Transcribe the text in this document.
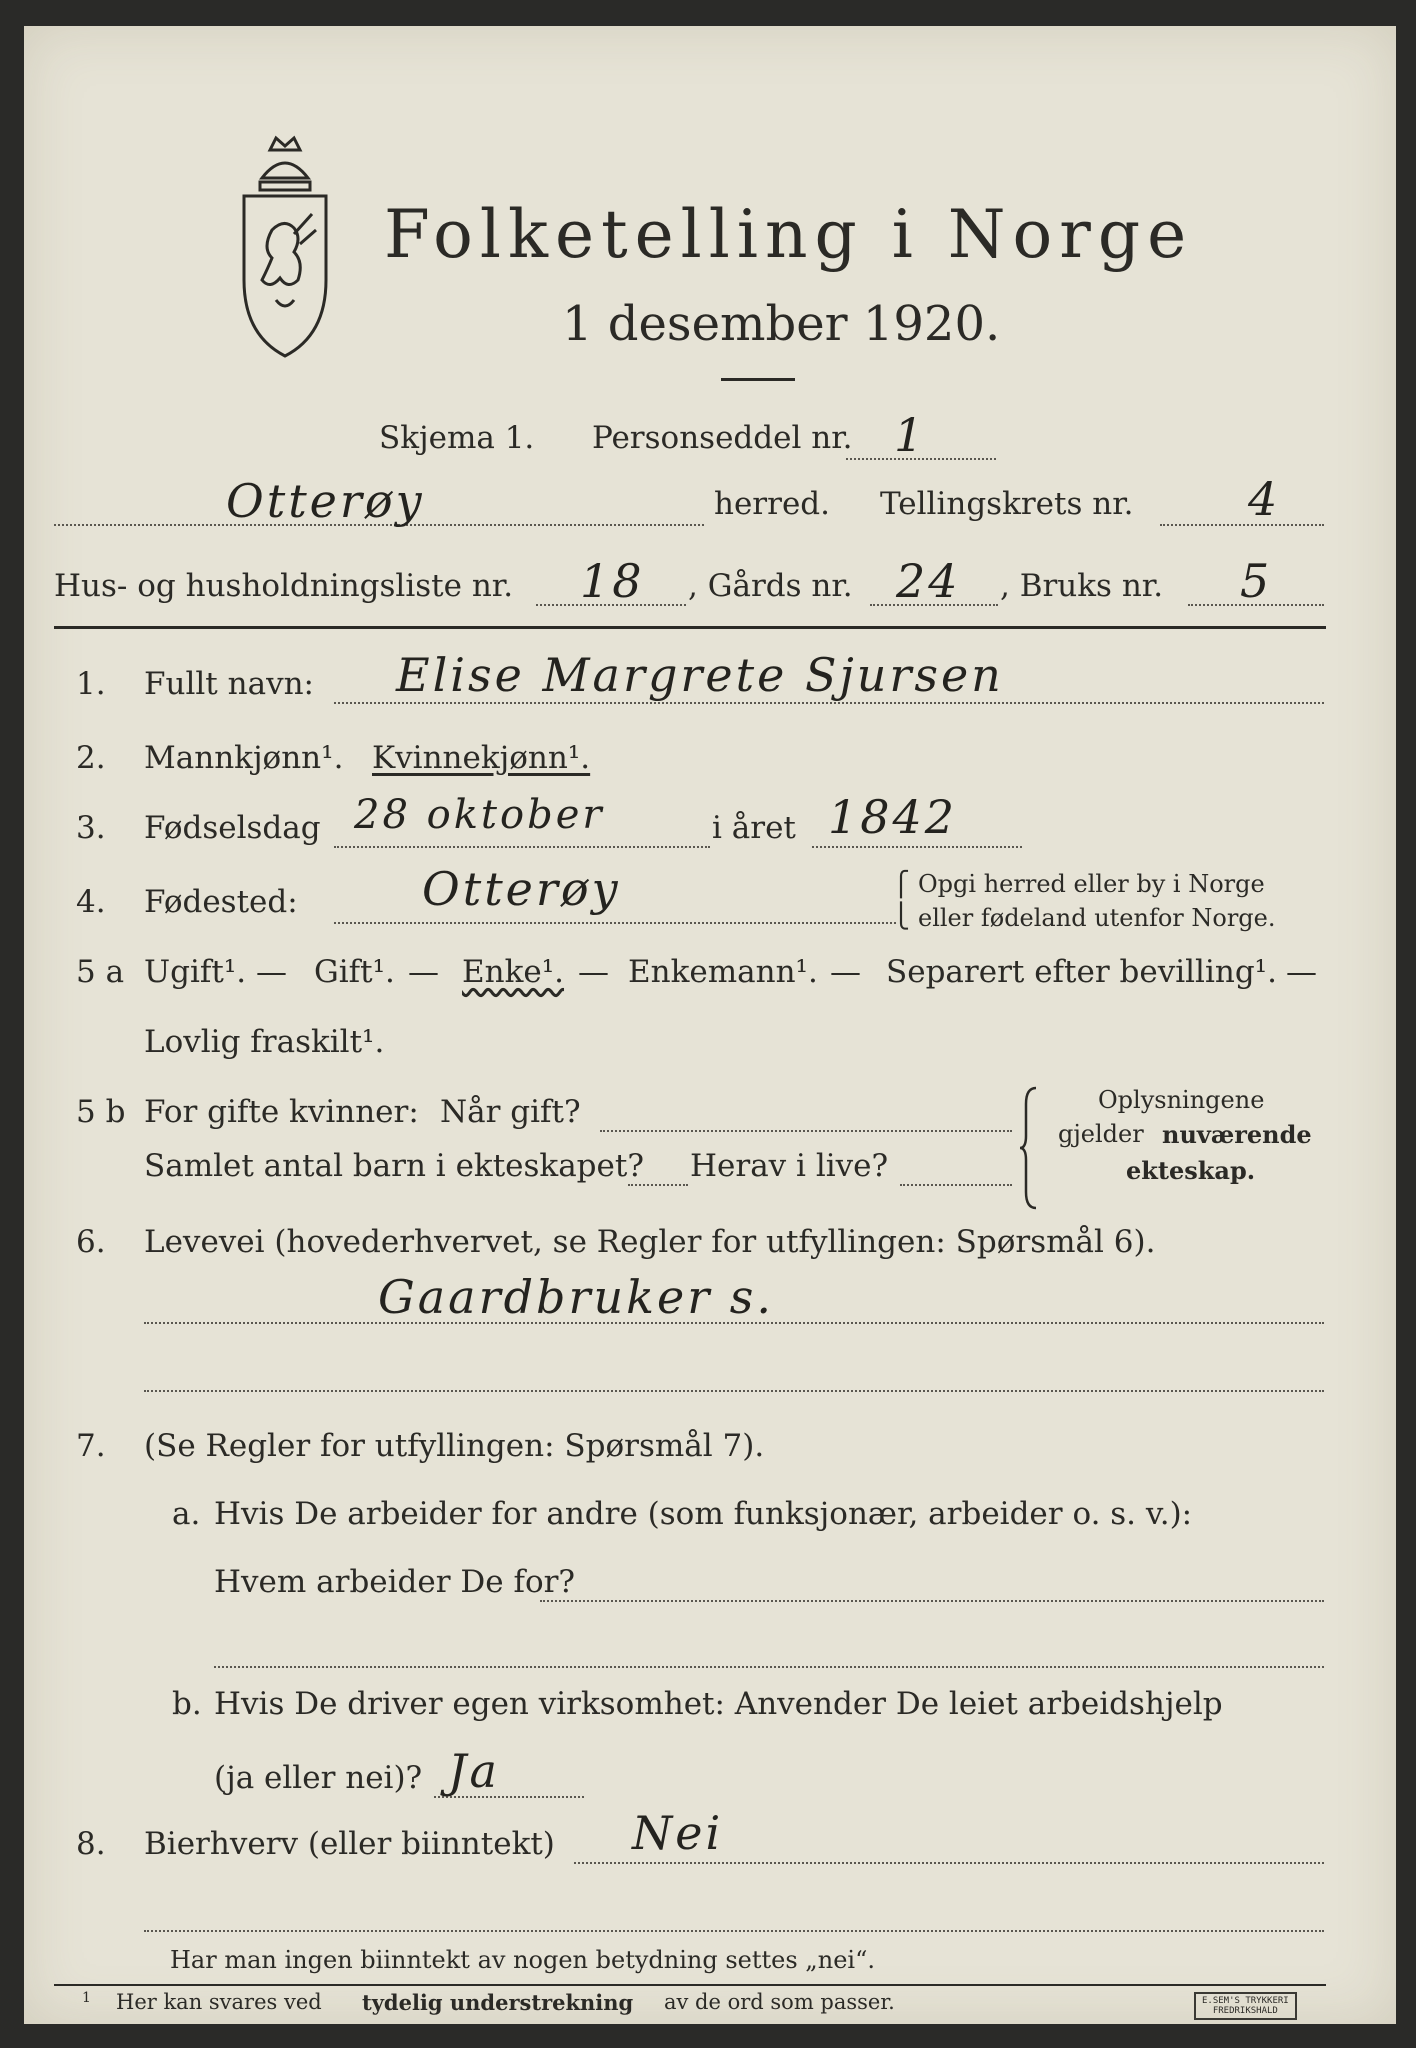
Folketelling i Norge
1 desember 1920.
Skjema 1. Personseddel nr. 1
Otterøy	herred. Tellingskrets nr. 4
Hus- og husholdningsliste nr. 18 , Gårds nr. 24 , Bruks nr. 5
1. Fullt navn: Elise Margrete Sjursen
2. Mannkjønn¹. Kvinnekjønn¹.
3. Fødselsdag 28 oktober	i året 1842
4. Fødested:	Otterøy	⎧
⎩
Opgi herred eller by i Norge
eller fødeland utenfor Norge.
5 a Ugift¹. — Gift¹. — Enke¹. — Enkemann¹. — Separert efter bevilling¹. —
Lovlig fraskilt¹.
5 b For gifte kvinner: Når gift?
Samlet antal barn i ekteskapet? Herav i live?
Oplysningene
gjelder nuværende
ekteskap.
6. Levevei (hovederhvervet, se Regler for utfyllingen: Spørsmål 6).
Gaardbruker s.
7. (Se Regler for utfyllingen: Spørsmål 7).
a. Hvis De arbeider for andre (som funksjonær, arbeider o. s. v.):
Hvem arbeider De for?
b. Hvis De driver egen virksomhet: Anvender De leiet arbeidshjelp
(ja eller nei)? Ja
8. Bierhverv (eller biinntekt) Nei
Har man ingen biinntekt av nogen betydning settes „nei“.
1 Her kan svares ved tydelig understrekning av de ord som passer.	E.SEM'S TRYKKERI
FREDRIKSHALD
